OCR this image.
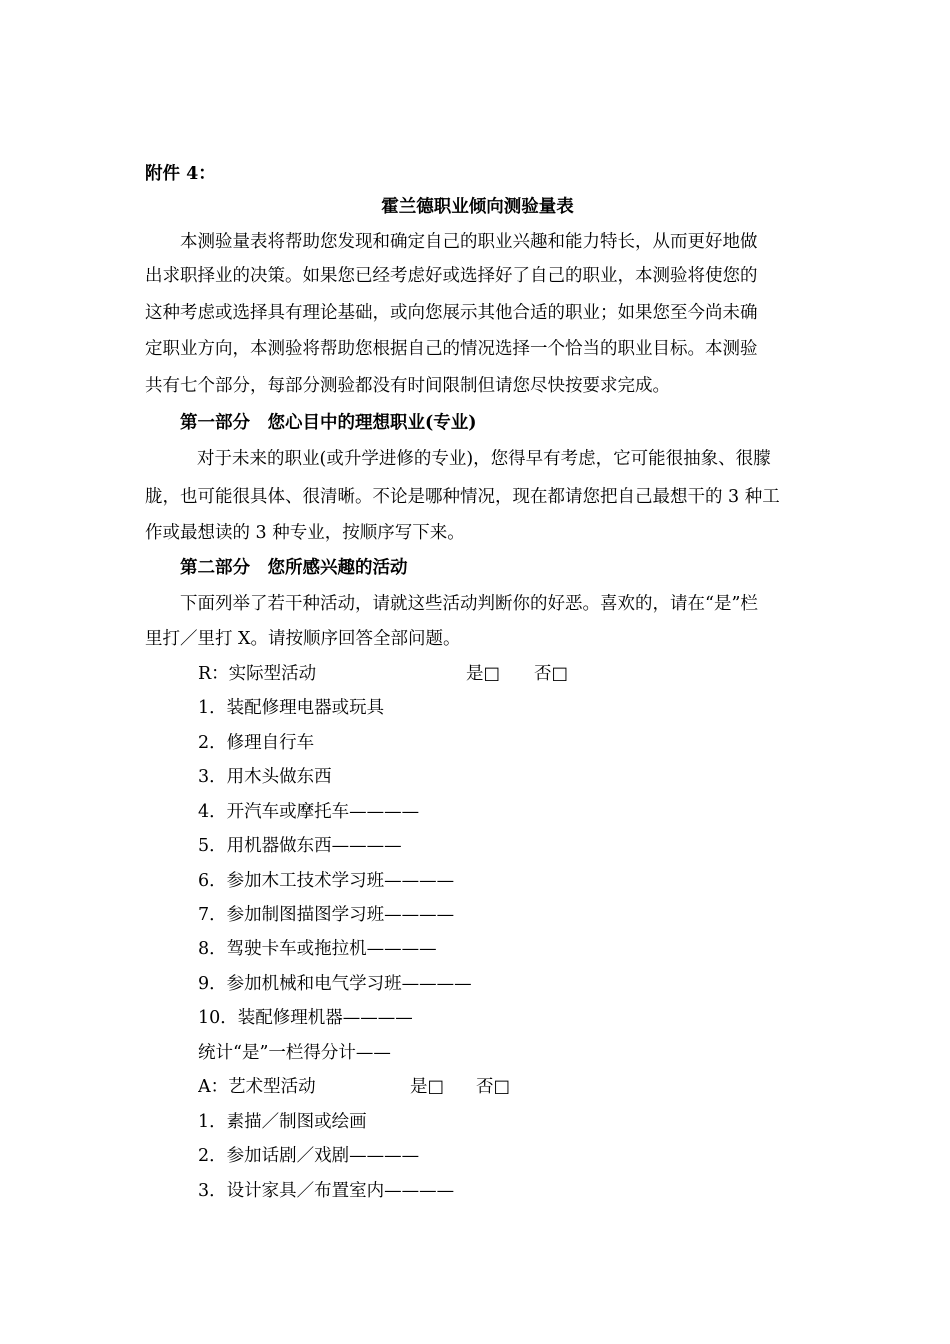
附件 4：
霍兰德职业倾向测验量表
本测验量表将帮助您发现和确定自己的职业兴趣和能力特长，从而更好地做
出求职择业的决策。如果您已经考虑好或选择好了自己的职业，本测验将使您的
这种考虑或选择具有理论基础，或向您展示其他合适的职业；如果您至今尚未确
定职业方向，本测验将帮助您根据自己的情况选择一个恰当的职业目标。本测验
共有七个部分，每部分测验都没有时间限制但请您尽快按要求完成。
第一部分　您心目中的理想职业(专业)
对于未来的职业(或升学进修的专业)，您得早有考虑，它可能很抽象、很朦
胧，也可能很具体、很清晰。不论是哪种情况，现在都请您把自己最想干的 3 种工
作或最想读的 3 种专业，按顺序写下来。
第二部分　您所感兴趣的活动
下面列举了若干种活动，请就这些活动判断你的好恶。喜欢的，请在“是”栏
里打／里打 X。请按顺序回答全部问题。
R：实际型活动	是□ 否□
1．装配修理电器或玩具
2．修理自行车
3．用木头做东西
4．开汽车或摩托车————
5．用机器做东西————
6．参加木工技术学习班————
7．参加制图描图学习班————
8．驾驶卡车或拖拉机————
9．参加机械和电气学习班————
10．装配修理机器————
统计“是”一栏得分计——
A：艺术型活动	是□ 否□
1．素描／制图或绘画
2．参加话剧／戏剧————
3．设计家具／布置室内————
